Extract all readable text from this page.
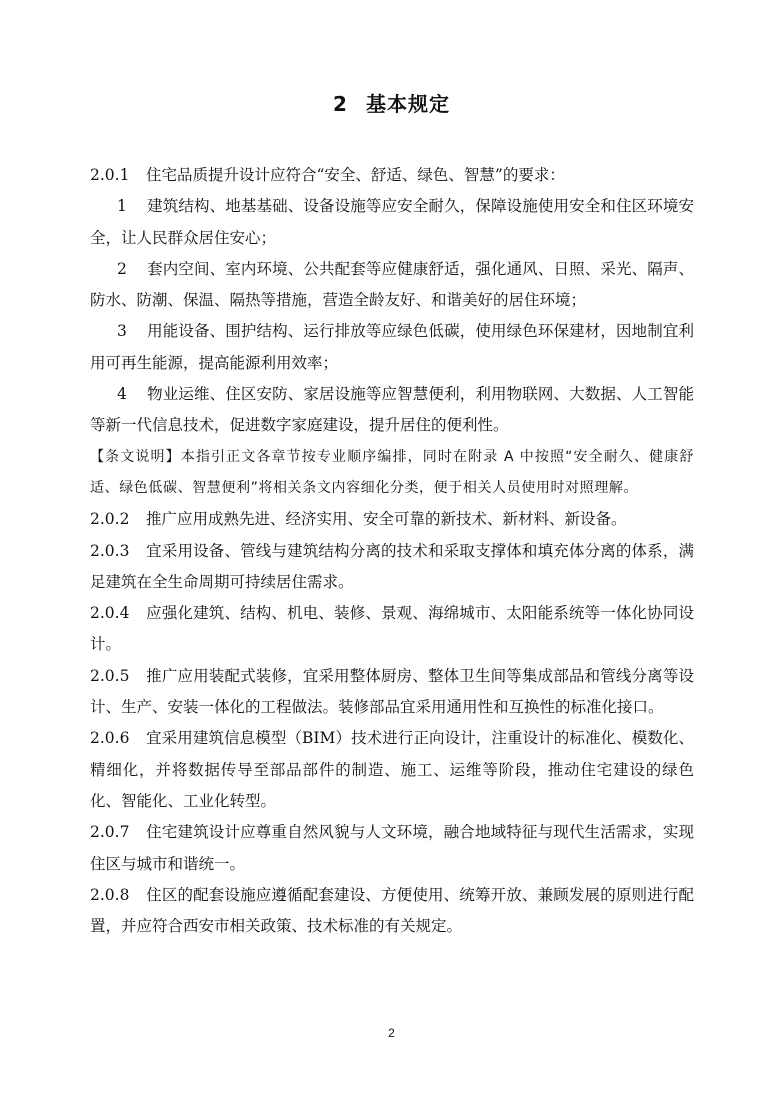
2 基本规定

2.0.1 住宅品质提升设计应符合“安全、舒适、绿色、智慧”的要求：

1 建筑结构、地基基础、设备设施等应安全耐久，保障设施使用安全和住区环境安全，让人民群众居住安心；

2 套内空间、室内环境、公共配套等应健康舒适，强化通风、日照、采光、隔声、防水、防潮、保温、隔热等措施，营造全龄友好、和谐美好的居住环境；

3 用能设备、围护结构、运行排放等应绿色低碳，使用绿色环保建材，因地制宜利用可再生能源，提高能源利用效率；

4 物业运维、住区安防、家居设施等应智慧便利，利用物联网、大数据、人工智能等新一代信息技术，促进数字家庭建设，提升居住的便利性。

【条文说明】本指引正文各章节按专业顺序编排，同时在附录 A 中按照“安全耐久、健康舒适、绿色低碳、智慧便利”将相关条文内容细化分类，便于相关人员使用时对照理解。

2.0.2 推广应用成熟先进、经济实用、安全可靠的新技术、新材料、新设备。

2.0.3 宜采用设备、管线与建筑结构分离的技术和采取支撑体和填充体分离的体系，满足建筑在全生命周期可持续居住需求。

2.0.4 应强化建筑、结构、机电、装修、景观、海绵城市、太阳能系统等一体化协同设计。

2.0.5 推广应用装配式装修，宜采用整体厨房、整体卫生间等集成部品和管线分离等设计、生产、安装一体化的工程做法。装修部品宜采用通用性和互换性的标准化接口。

2.0.6 宜采用建筑信息模型（BIM）技术进行正向设计，注重设计的标准化、模数化、精细化，并将数据传导至部品部件的制造、施工、运维等阶段，推动住宅建设的绿色化、智能化、工业化转型。

2.0.7 住宅建筑设计应尊重自然风貌与人文环境，融合地域特征与现代生活需求，实现住区与城市和谐统一。

2.0.8 住区的配套设施应遵循配套建设、方便使用、统筹开放、兼顾发展的原则进行配置，并应符合西安市相关政策、技术标准的有关规定。

2
